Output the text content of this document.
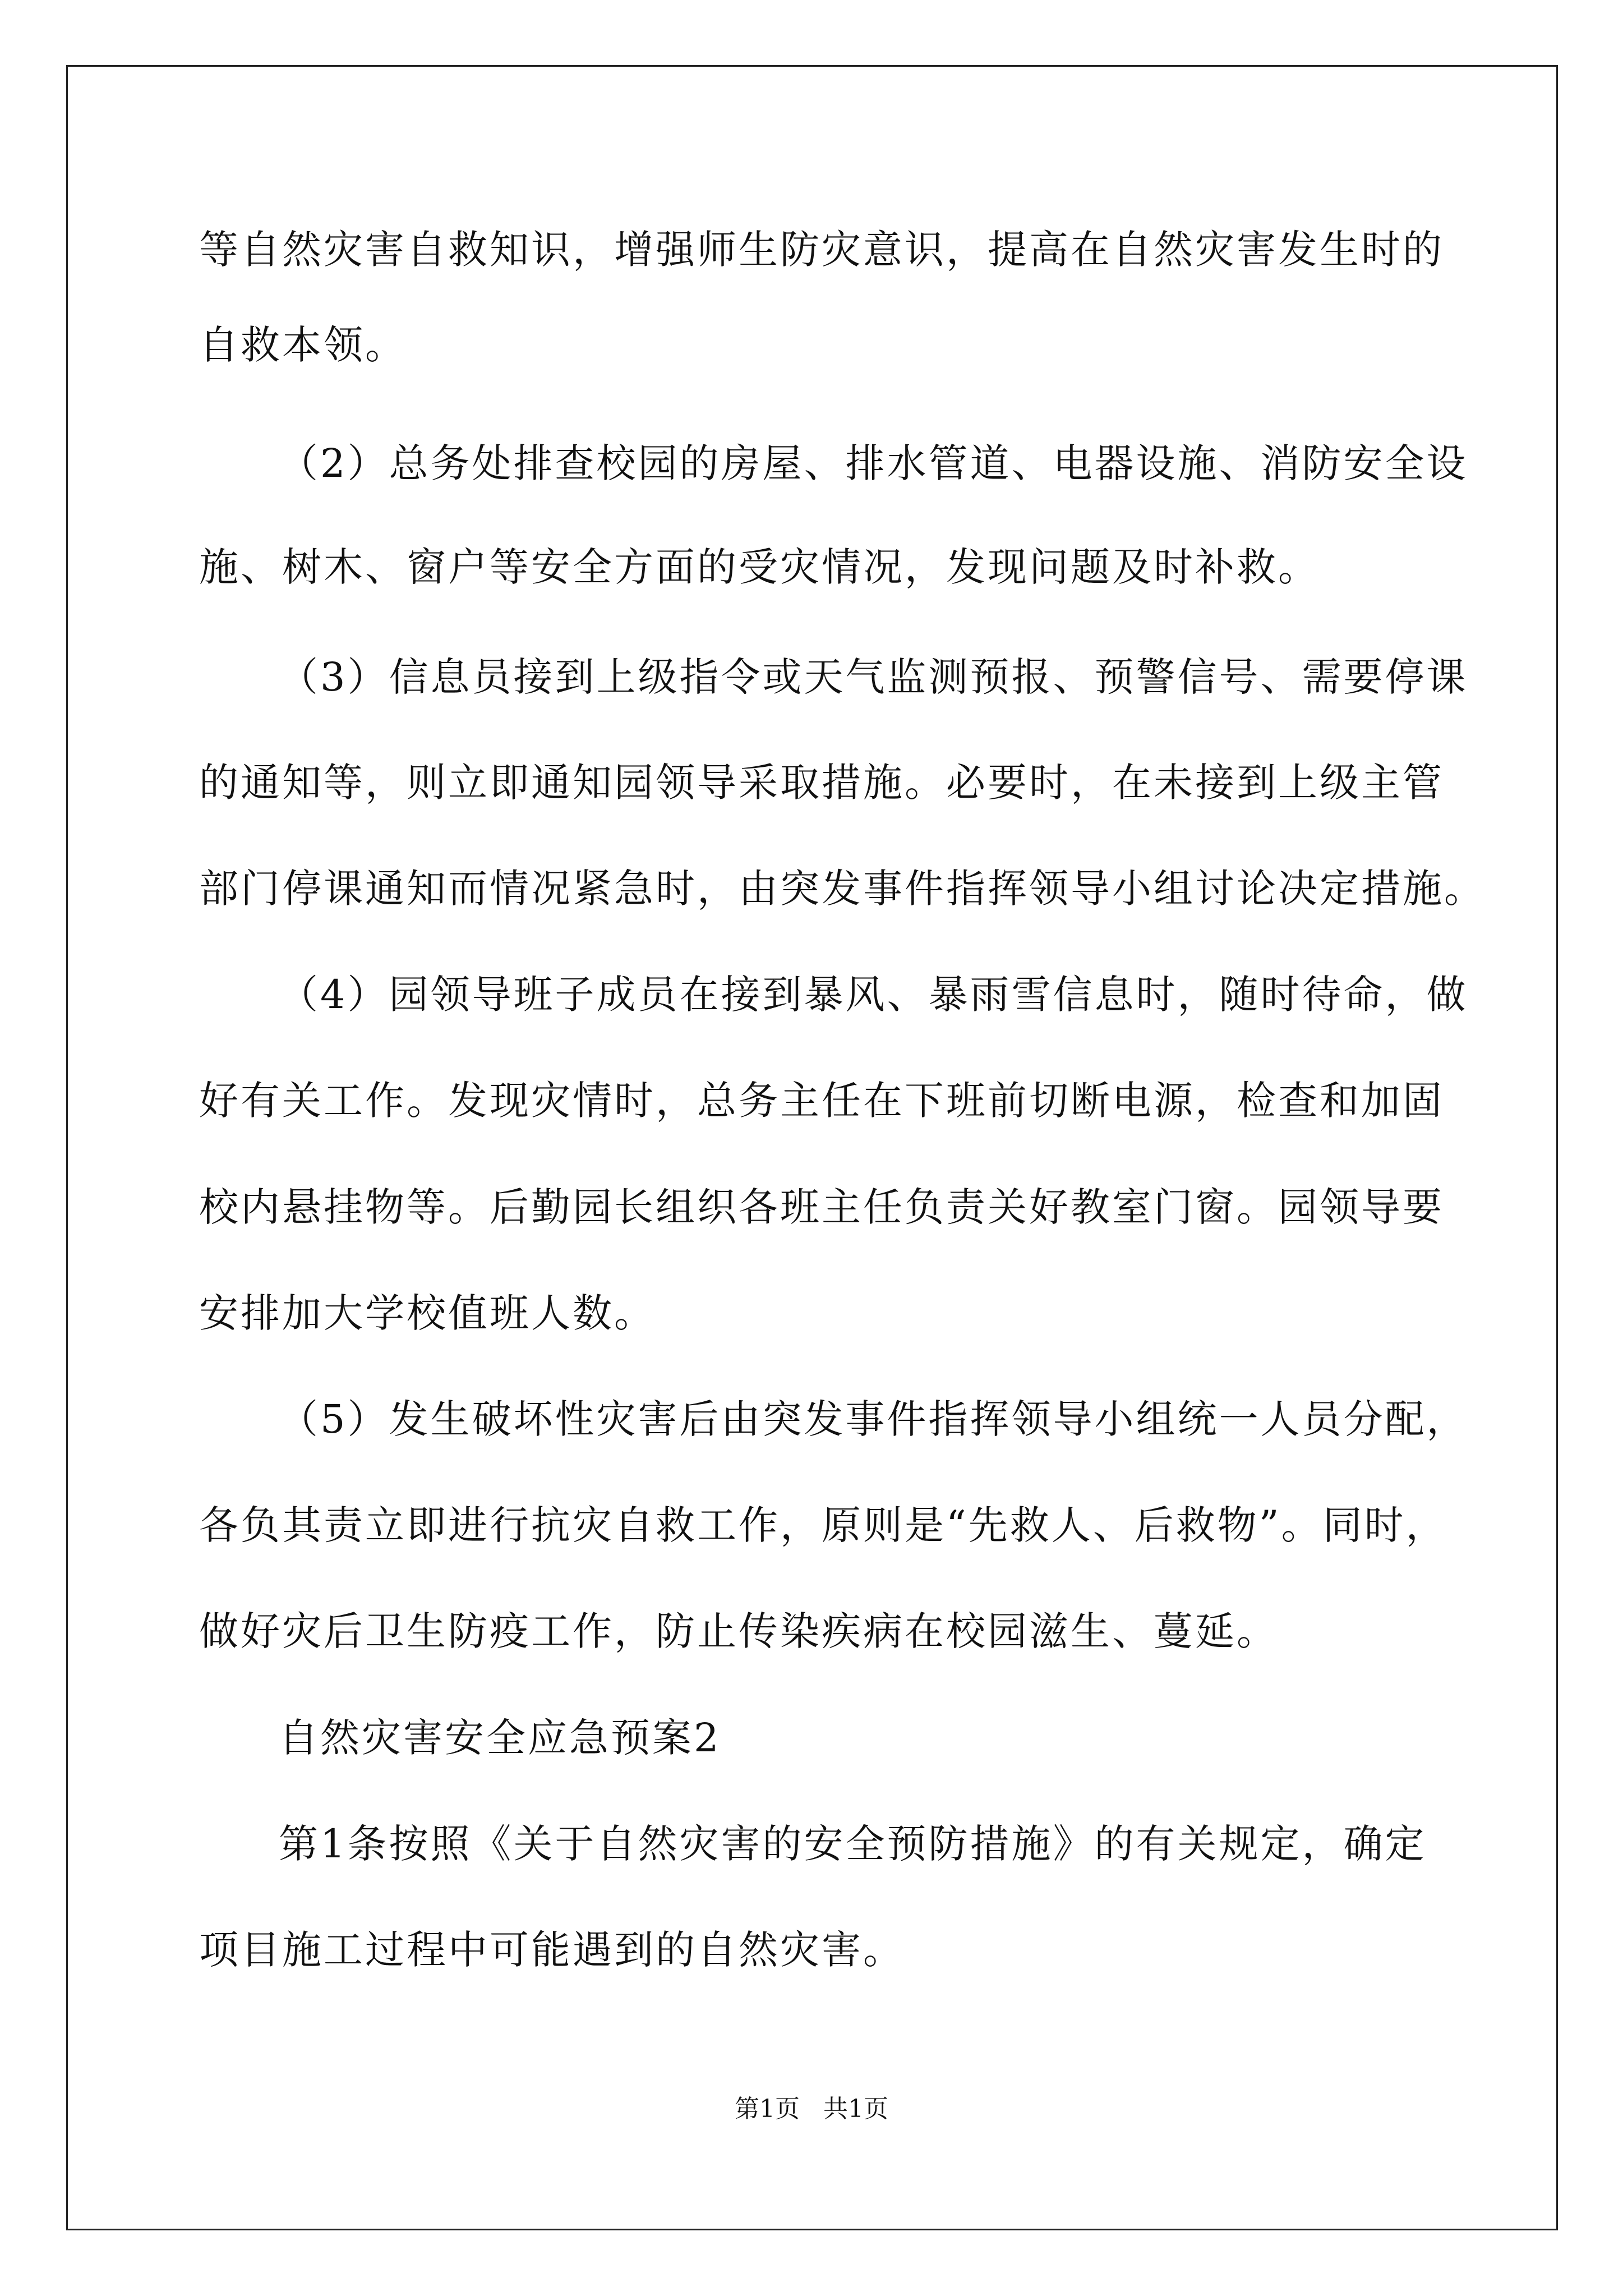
等自然灾害自救知识，增强师生防灾意识，提高在自然灾害发生时的
自救本领。
（2）总务处排查校园的房屋、排水管道、电器设施、消防安全设
施、树木、窗户等安全方面的受灾情况，发现问题及时补救。
（3）信息员接到上级指令或天气监测预报、预警信号、需要停课
的通知等，则立即通知园领导采取措施。必要时，在未接到上级主管
部门停课通知而情况紧急时，由突发事件指挥领导小组讨论决定措施。
（4）园领导班子成员在接到暴风、暴雨雪信息时，随时待命，做
好有关工作。发现灾情时，总务主任在下班前切断电源，检查和加固
校内悬挂物等。后勤园长组织各班主任负责关好教室门窗。园领导要
安排加大学校值班人数。
（5）发生破坏性灾害后由突发事件指挥领导小组统一人员分配，
各负其责立即进行抗灾自救工作，原则是“先救人、后救物”。同时，
做好灾后卫生防疫工作，防止传染疾病在校园滋生、蔓延。
自然灾害安全应急预案2
第1条按照《关于自然灾害的安全预防措施》的有关规定，确定
项目施工过程中可能遇到的自然灾害。
第1页   共1页
